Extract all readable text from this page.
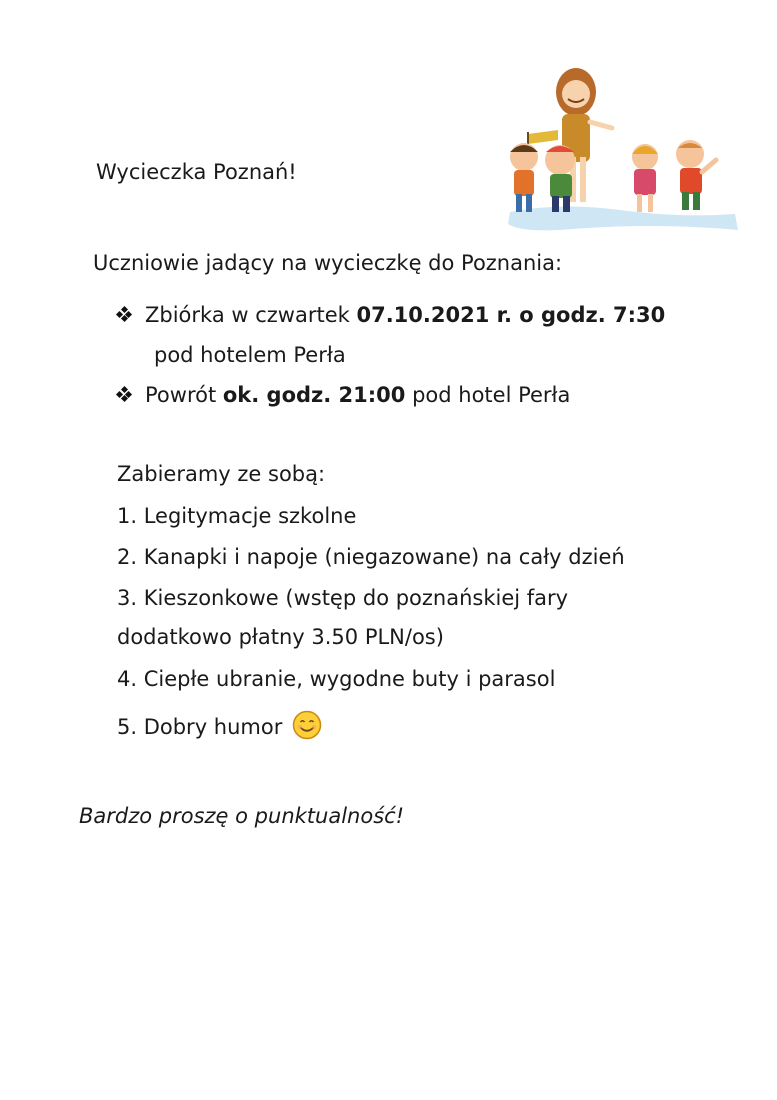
Wycieczka Poznań!
Uczniowie jadący na wycieczkę do Poznania:
Zbiórka w czwartek 07.10.2021 r. o godz. 7:30
pod hotelem Perła
Powrót ok. godz. 21:00 pod hotel Perła
Zabieramy ze sobą:
1. Legitymacje szkolne
2. Kanapki i napoje (niegazowane) na cały dzień
3. Kieszonkowe (wstęp do poznańskiej fary
dodatkowo płatny 3.50 PLN/os)
4. Ciepłe ubranie, wygodne buty i parasol
5. Dobry humor
Bardzo proszę o punktualność!
